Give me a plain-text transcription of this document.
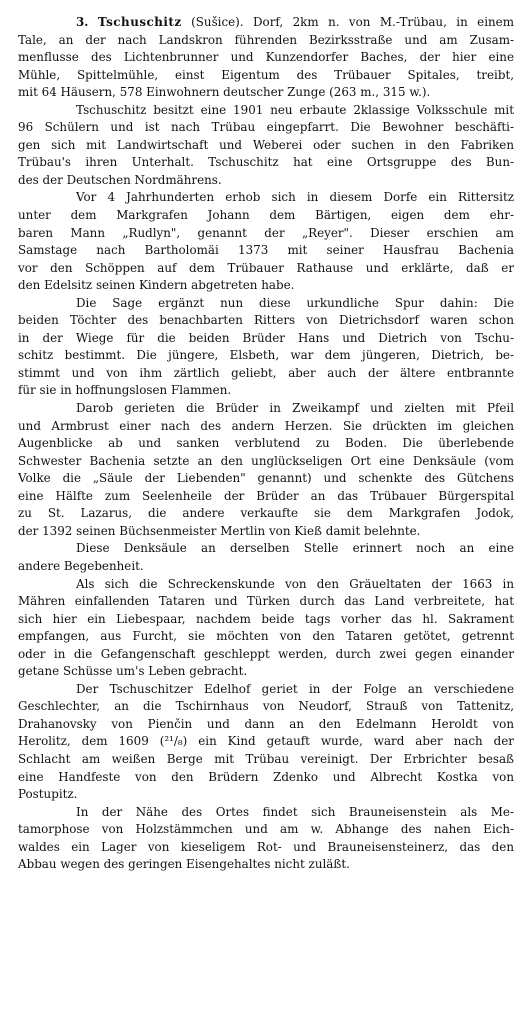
3. Tschuschitz (Sušice). Dorf, 2km n. von M.-Trübau, in einem
Tale, an der nach Landskron führenden Bezirksstraße und am Zusam-
menflusse des Lichtenbrunner und Kunzendorfer Baches, der hier eine
Mühle, Spittelmühle, einst Eigentum des Trübauer Spitales, treibt,
mit 64 Häusern, 578 Einwohnern deutscher Zunge (263 m., 315 w.).
Tschuschitz besitzt eine 1901 neu erbaute 2klassige Volksschule mit
96 Schülern und ist nach Trübau eingepfarrt. Die Bewohner beschäfti-
gen sich mit Landwirtschaft und Weberei oder suchen in den Fabriken
Trübau's ihren Unterhalt. Tschuschitz hat eine Ortsgruppe des Bun-
des der Deutschen Nordmährens.
Vor 4 Jahrhunderten erhob sich in diesem Dorfe ein Rittersitz
unter dem Markgrafen Johann dem Bärtigen, eigen dem ehr-
baren Mann „Rudlyn", genannt der „Reyer". Dieser erschien am
Samstage nach Bartholomäi 1373 mit seiner Hausfrau Bachenia
vor den Schöppen auf dem Trübauer Rathause und erklärte, daß er
den Edelsitz seinen Kindern abgetreten habe.
Die Sage ergänzt nun diese urkundliche Spur dahin: Die
beiden Töchter des benachbarten Ritters von Dietrichsdorf waren schon
in der Wiege für die beiden Brüder Hans und Dietrich von Tschu-
schitz bestimmt. Die jüngere, Elsbeth, war dem jüngeren, Dietrich, be-
stimmt und von ihm zärtlich geliebt, aber auch der ältere entbrannte
für sie in hoffnungslosen Flammen.
Darob gerieten die Brüder in Zweikampf und zielten mit Pfeil
und Armbrust einer nach des andern Herzen. Sie drückten im gleichen
Augenblicke ab und sanken verblutend zu Boden. Die überlebende
Schwester Bachenia setzte an den unglückseligen Ort eine Denksäule (vom
Volke die „Säule der Liebenden" genannt) und schenkte des Gütchens
eine Hälfte zum Seelenheile der Brüder an das Trübauer Bürgerspital
zu St. Lazarus, die andere verkaufte sie dem Markgrafen Jodok,
der 1392 seinen Büchsenmeister Mertlin von Kieß damit belehnte.
Diese Denksäule an derselben Stelle erinnert noch an eine
andere Begebenheit.
Als sich die Schreckenskunde von den Gräueltaten der 1663 in
Mähren einfallenden Tataren und Türken durch das Land verbreitete, hat
sich hier ein Liebespaar, nachdem beide tags vorher das hl. Sakrament
empfangen, aus Furcht, sie möchten von den Tataren getötet, getrennt
oder in die Gefangenschaft geschleppt werden, durch zwei gegen einander
getane Schüsse um's Leben gebracht.
Der Tschuschitzer Edelhof geriet in der Folge an verschiedene
Geschlechter, an die Tschirnhaus von Neudorf, Strauß von Tattenitz,
Drahanovsky von Pienčin und dann an den Edelmann Heroldt von
Herolitz, dem 1609 (²¹/₈) ein Kind getauft wurde, ward aber nach der
Schlacht am weißen Berge mit Trübau vereinigt. Der Erbrichter besaß
eine Handfeste von den Brüdern Zdenko und Albrecht Kostka von
Postupitz.
In der Nähe des Ortes findet sich Brauneisenstein als Me-
tamorphose von Holzstämmchen und am w. Abhange des nahen Eich-
waldes ein Lager von kieseligem Rot- und Brauneisensteinerz, das den
Abbau wegen des geringen Eisengehaltes nicht zuläßt.
